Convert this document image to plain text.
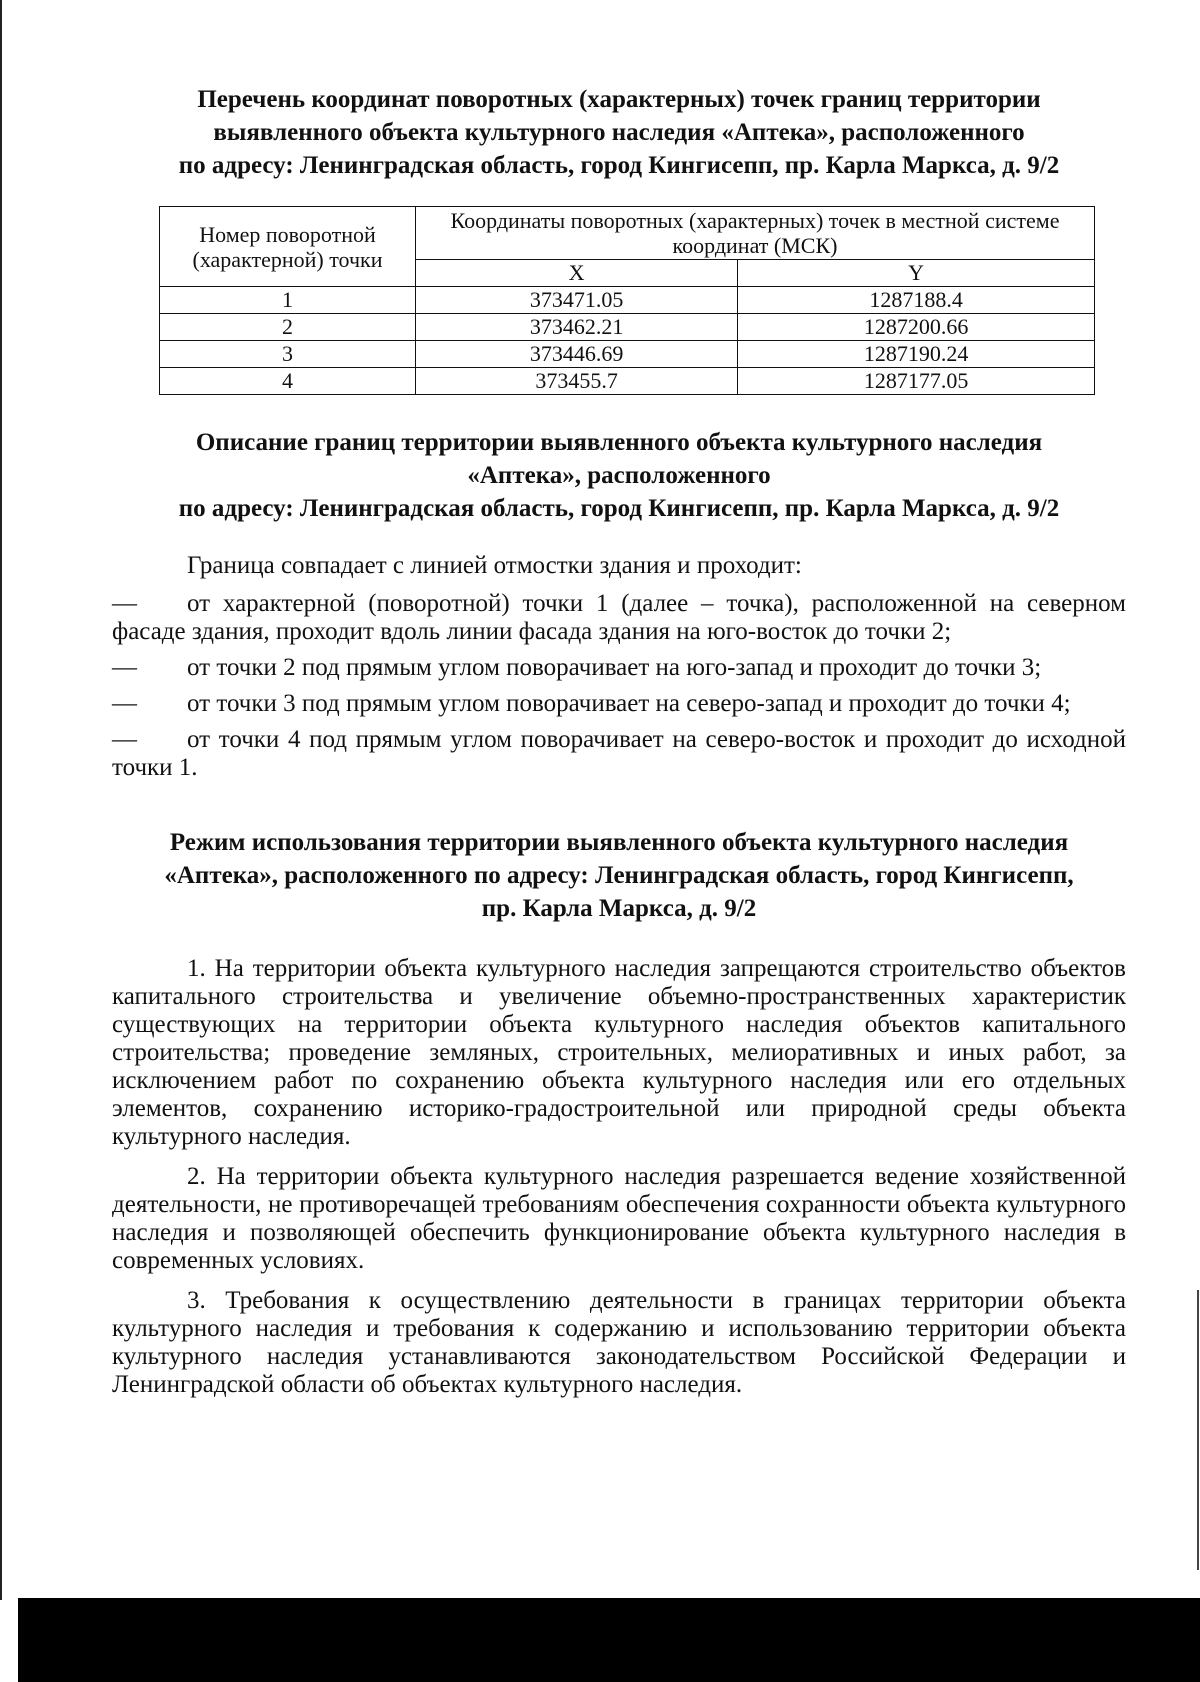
Перечень координат поворотных (характерных) точек границ территории
выявленного объекта культурного наследия «Аптека», расположенного
по адресу: Ленинградская область, город Кингисепп, пр. Карла Маркса, д. 9/2
Номер поворотной (характерной) точки	Координаты поворотных (характерных) точек в местной системе координат (МСК)	
	X	Y
1	373471.05	1287188.4
2	373462.21	1287200.66
3	373446.69	1287190.24
4	373455.7	1287177.05
Описание границ территории выявленного объекта культурного наследия
«Аптека», расположенного
по адресу: Ленинградская область, город Кингисепп, пр. Карла Маркса, д. 9/2

Граница совпадает с линией отмостки здания и проходит:

— от характерной (поворотной) точки 1 (далее – точка), расположенной на северном фасаде здания, проходит вдоль линии фасада здания на юго-восток до точки 2;

— от точки 2 под прямым углом поворачивает на юго-запад и проходит до точки 3;

— от точки 3 под прямым углом поворачивает на северо-запад и проходит до точки 4;

— от точки 4 под прямым углом поворачивает на северо-восток и проходит до исходной точки 1.

Режим использования территории выявленного объекта культурного наследия
«Аптека», расположенного по адресу: Ленинградская область, город Кингисепп,
пр. Карла Маркса, д. 9/2

1. На территории объекта культурного наследия запрещаются строительство объектов капитального строительства и увеличение объемно-пространственных характеристик существующих на территории объекта культурного наследия объектов капитального строительства; проведение земляных, строительных, мелиоративных и иных работ, за исключением работ по сохранению объекта культурного наследия или его отдельных элементов, сохранению историко-градостроительной или природной среды объекта культурного наследия.

2. На территории объекта культурного наследия разрешается ведение хозяйственной деятельности, не противоречащей требованиям обеспечения сохранности объекта культурного наследия и позволяющей обеспечить функционирование объекта культурного наследия в современных условиях.

3. Требования к осуществлению деятельности в границах территории объекта культурного наследия и требования к содержанию и использованию территории объекта культурного наследия устанавливаются законодательством Российской Федерации и Ленинградской области об объектах культурного наследия.
